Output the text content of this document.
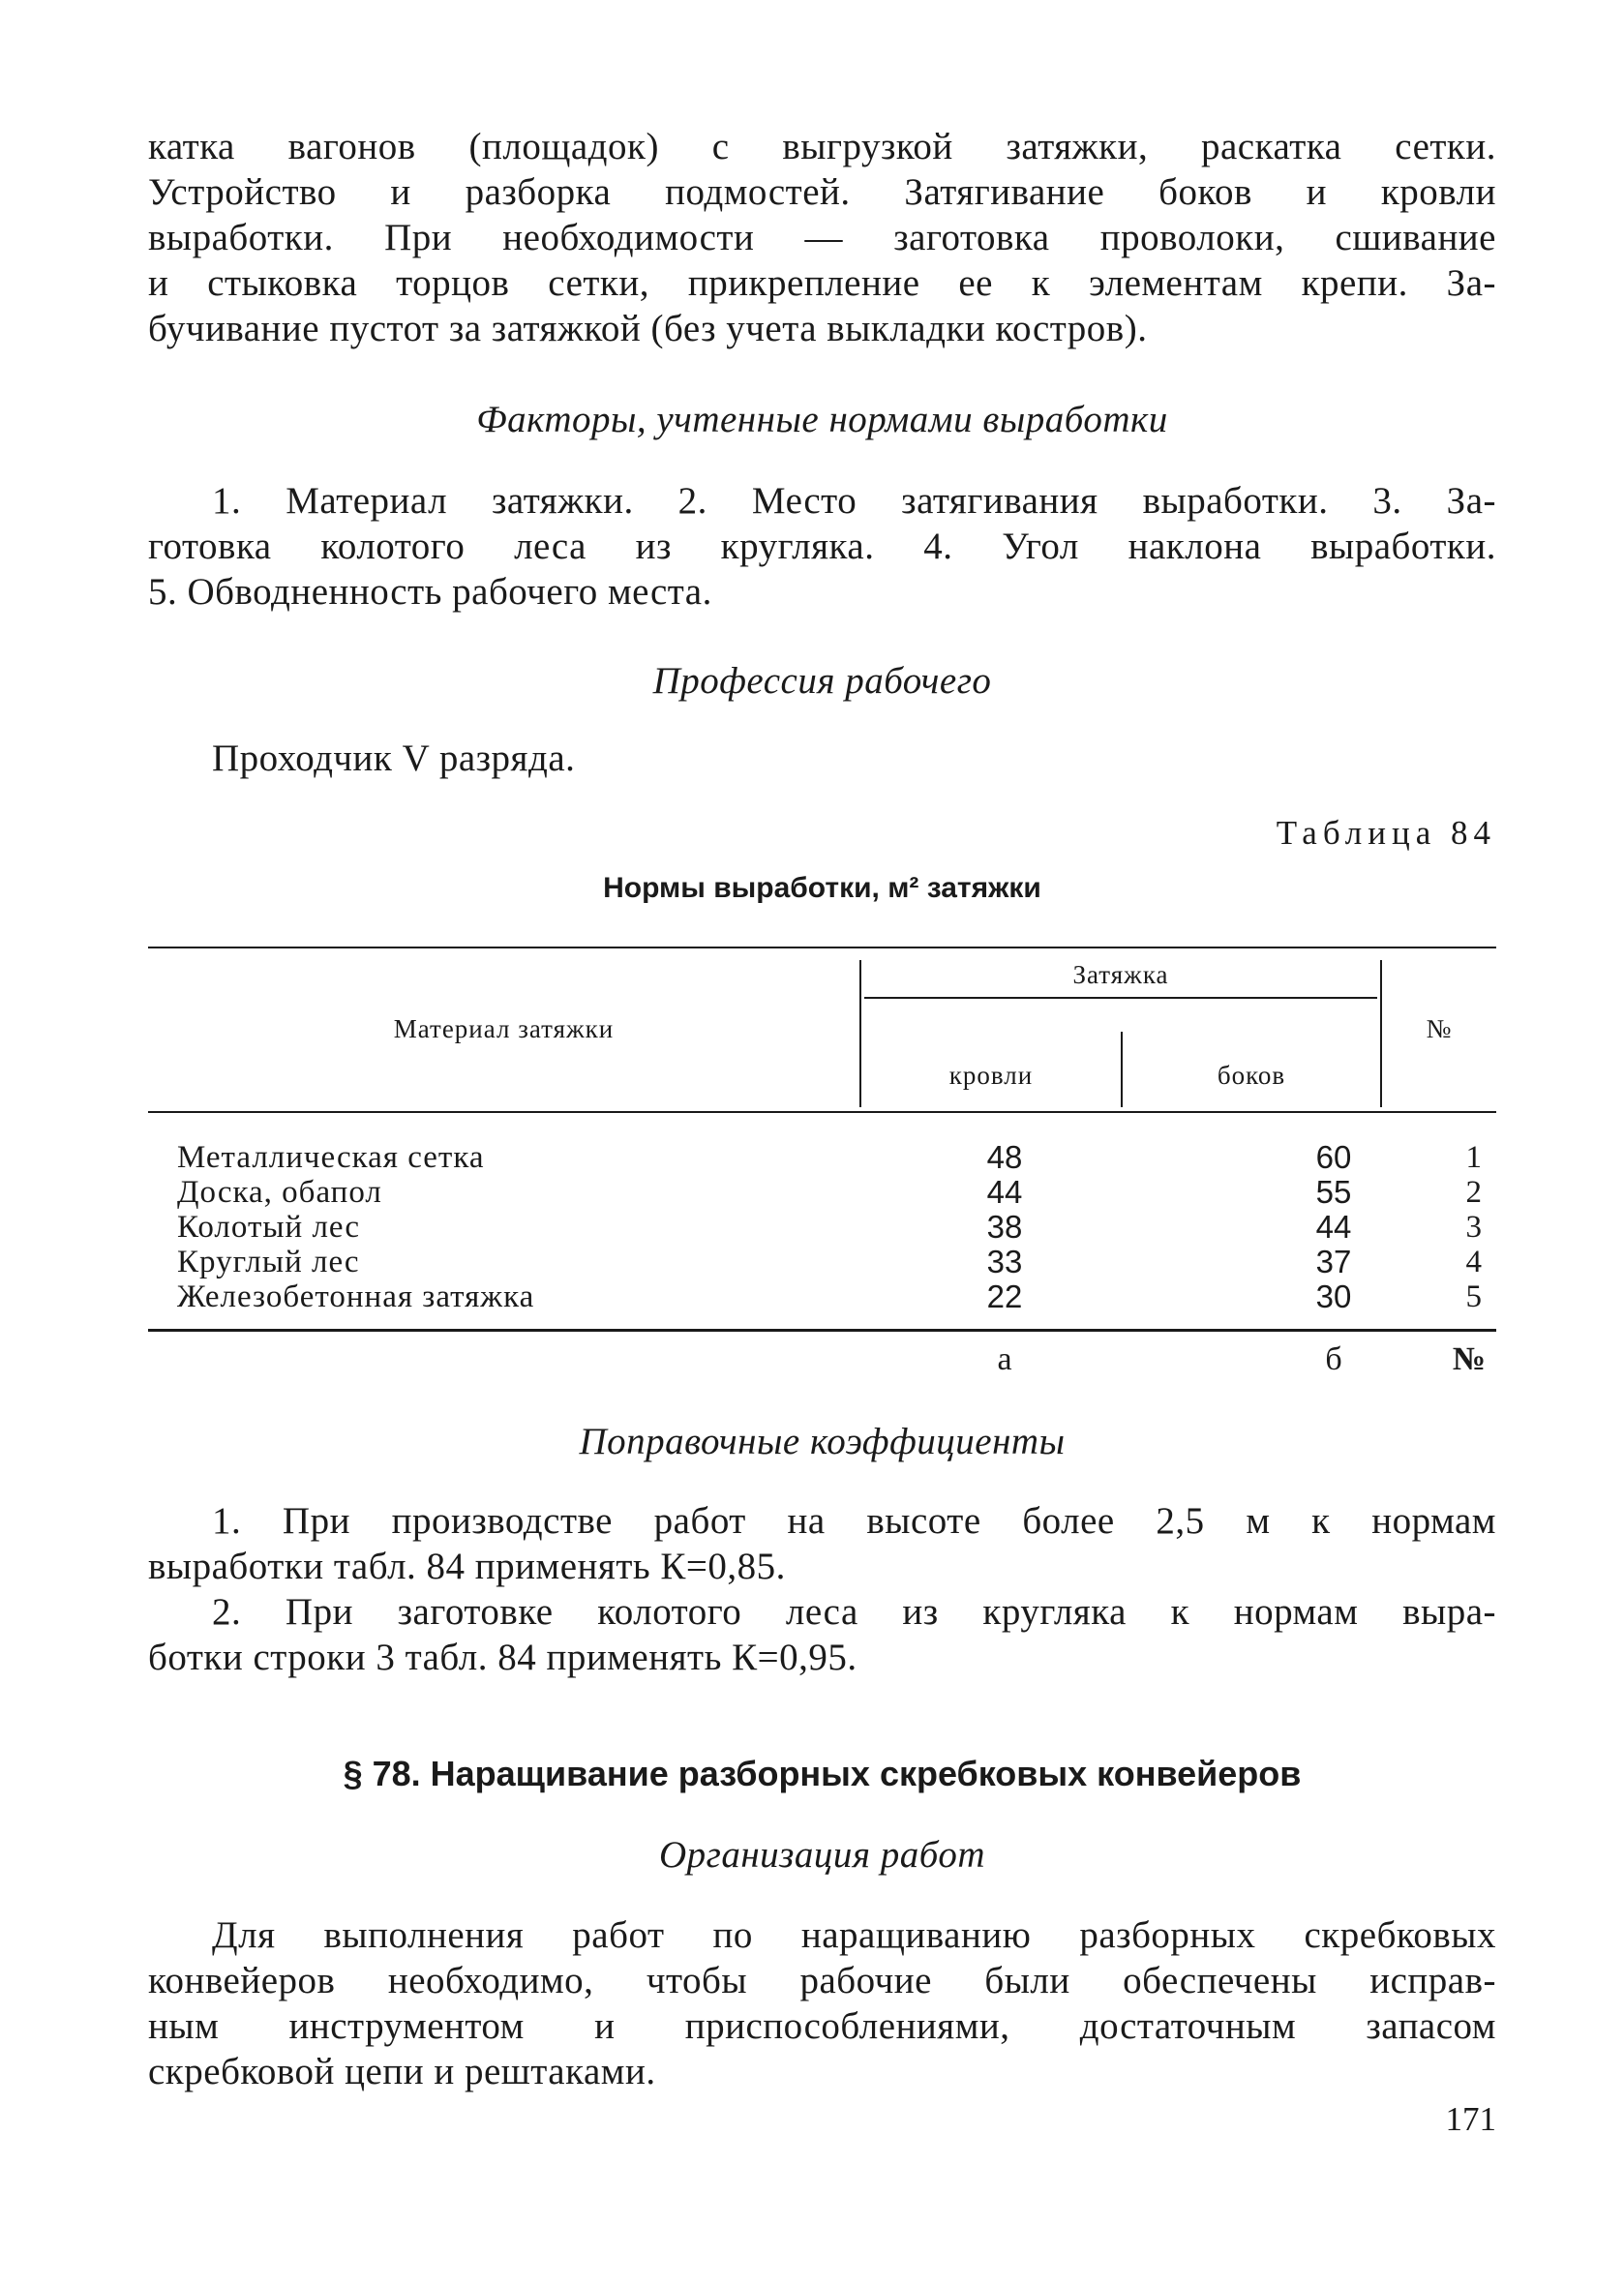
катка вагонов (площадок) с выгрузкой затяжки, раскатка сетки.

Устройство и разборка подмостей. Затягивание боков и кровли

выработки. При необходимости — заготовка проволоки, сшивание

и стыковка торцов сетки, прикрепление ее к элементам крепи. За-

бучивание пустот за затяжкой (без учета выкладки костров).

Факторы, учтенные нормами выработки

1. Материал затяжки. 2. Место затягивания выработки. 3. За-

готовка колотого леса из кругляка. 4. Угол наклона выработки.

5. Обводненность рабочего места.

Профессия рабочего

Проходчик V разряда.

Таблица 84

Нормы выработки, м² затяжки

Материал затяжки
Затяжка
кровли	боков
№
Металлическая сетка	48	60	1
Доска, обапол	44	55	2
Колотый лес	38	44	3
Круглый лес	33	37	4
Железобетонная затяжка	22	30	5
а	б	№

Поправочные коэффициенты

1. При производстве работ на высоте более 2,5 м к нормам

выработки табл. 84 применять К=0,85.

2. При заготовке колотого леса из кругляка к нормам выра-

ботки строки 3 табл. 84 применять К=0,95.

§ 78. Наращивание разборных скребковых конвейеров

Организация работ

Для выполнения работ по наращиванию разборных скребковых

конвейеров необходимо, чтобы рабочие были обеспечены исправ-

ным инструментом и приспособлениями, достаточным запасом

скребковой цепи и рештаками.

171
